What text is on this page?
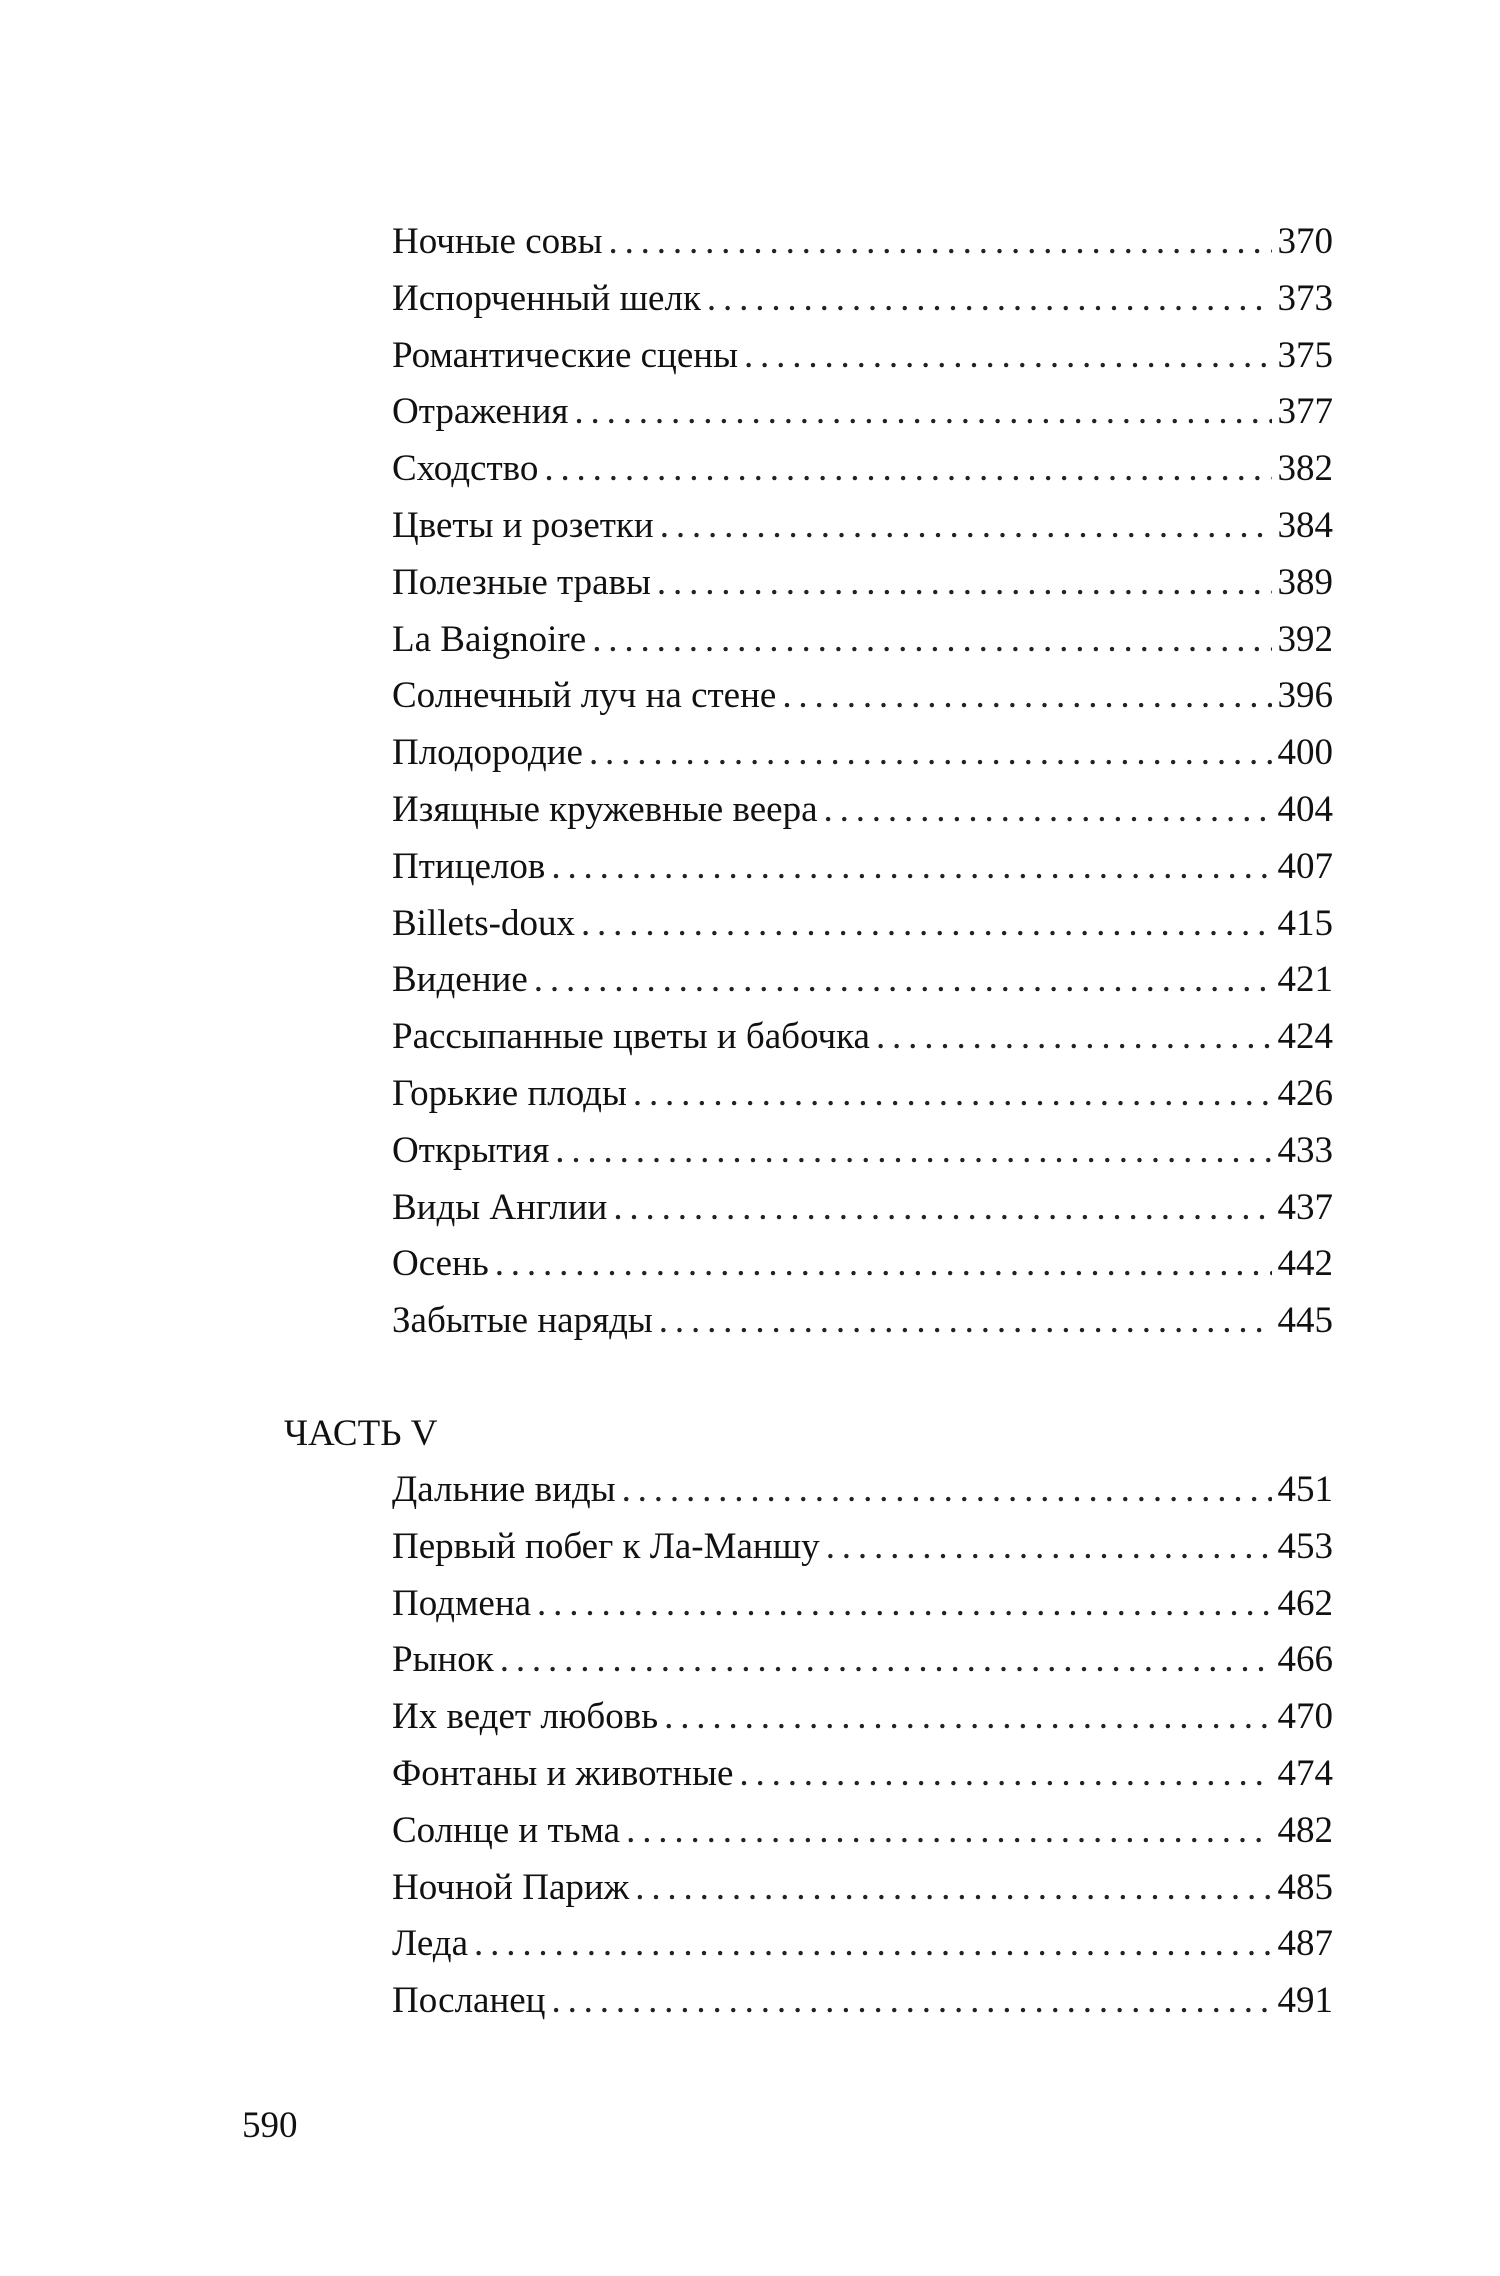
Ночные совы . . .	370
Испорченный шелк . . .	373
Романтические сцены . . .	375
Отражения . . .	377
Сходство . . .	382
Цветы и розетки . . .	384
Полезные травы . . .	389
La Baignoire . . .	392
Солнечный луч на стене . . .	396
Плодородие . . .	400
Изящные кружевные веера . . .	404
Птицелов . . .	407
Billets-doux . . .	415
Видение . . .	421
Рассыпанные цветы и бабочка . . .	424
Горькие плоды . . .	426
Открытия . . .	433
Виды Англии . . .	437
Осень . . .	442
Забытые наряды . . .	445
ЧАСТЬ V
Дальние виды . . .	451
Первый побег к Ла-Маншу . . .	453
Подмена . . .	462
Рынок . . .	466
Их ведет любовь . . .	470
Фонтаны и животные . . .	474
Солнце и тьма . . .	482
Ночной Париж . . .	485
Леда . . .	487
Посланец . . .	491
590
